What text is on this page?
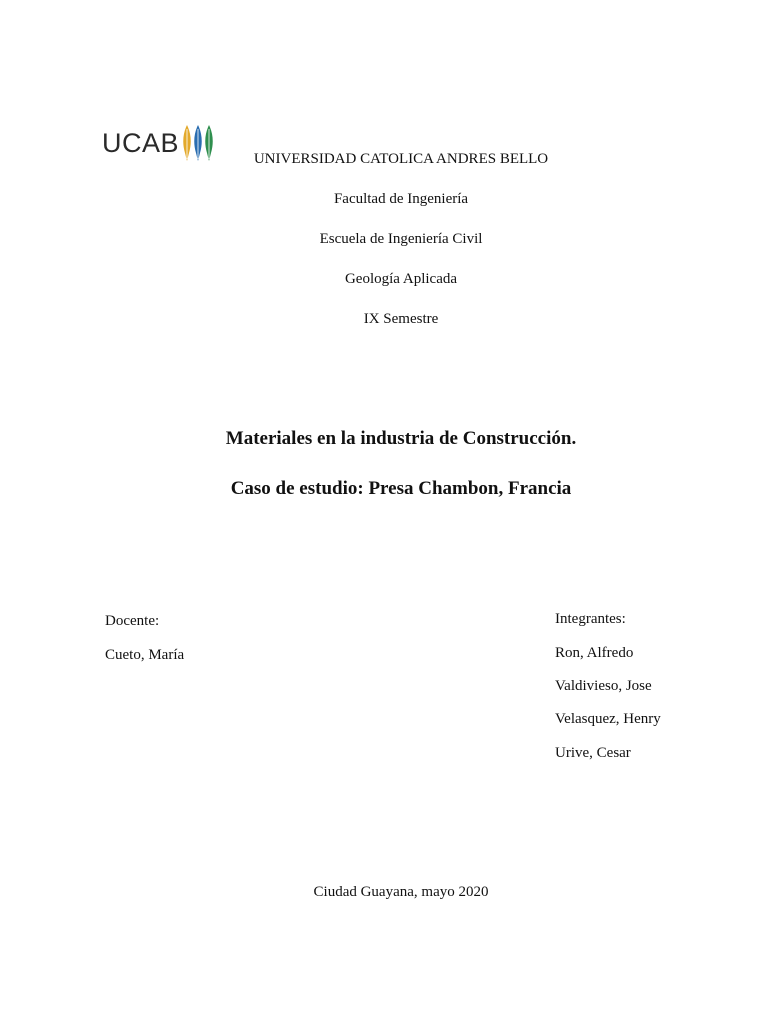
UCAB
UNIVERSIDAD CATOLICA ANDRES BELLO
Facultad de Ingeniería
Escuela de Ingeniería Civil
Geología Aplicada
IX Semestre
Materiales en la industria de Construcción.
Caso de estudio: Presa Chambon, Francia
Docente:
Cueto, María
Integrantes:
Ron, Alfredo
Valdivieso, Jose
Velasquez, Henry
Urive, Cesar
Ciudad Guayana, mayo 2020
